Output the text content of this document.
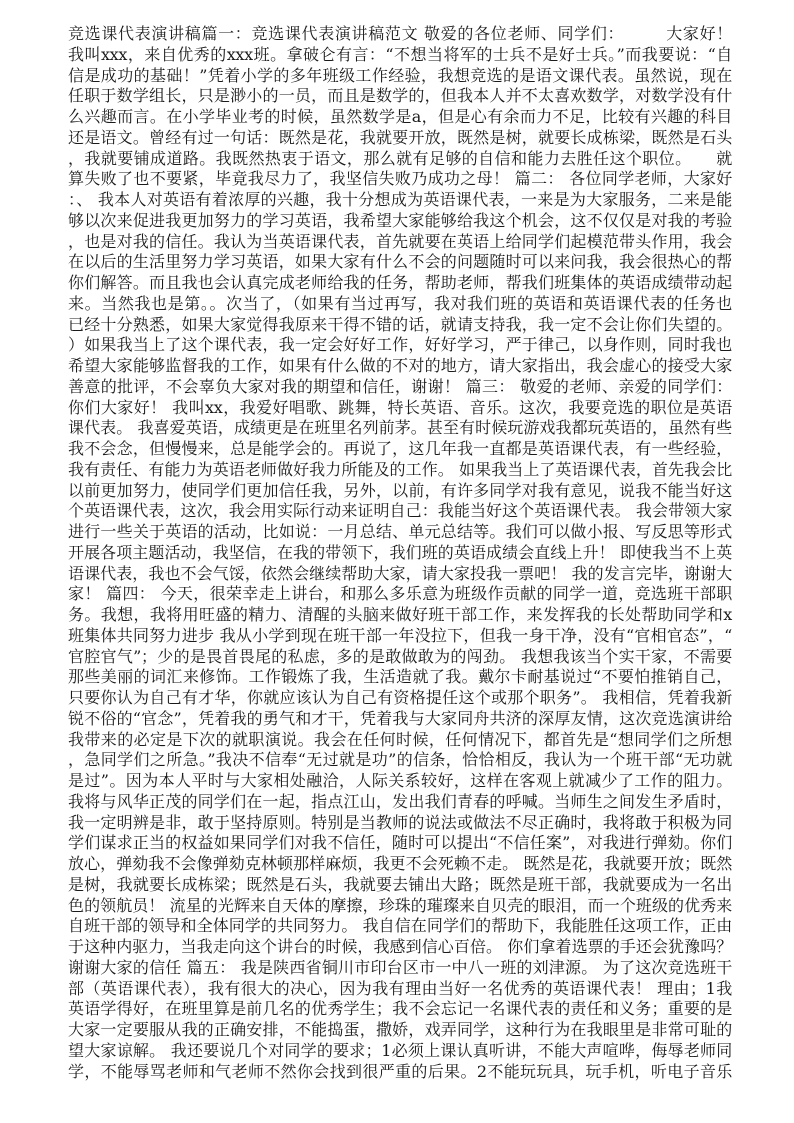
竞选课代表演讲稿篇一：竞选课代表演讲稿范文 敬爱的各位老师、同学们：　　　大家好！
我叫xxx，来自优秀的xxx班。拿破仑有言：“不想当将军的士兵不是好士兵。”而我要说：“自
信是成功的基础！”凭着小学的多年班级工作经验，我想竞选的是语文课代表。虽然说，现在
任职于数学组长，只是渺小的一员，而且是数学的，但我本人并不太喜欢数学，对数学没有什
么兴趣而言。在小学毕业考的时候，虽然数学是a，但是心有余而力不足，比较有兴趣的科目
还是语文。曾经有过一句话：既然是花，我就要开放，既然是树，就要长成栋梁，既然是石头
，我就要铺成道路。我既然热衷于语文，那么就有足够的自信和能力去胜任这个职位。　　就
算失败了也不要紧，毕竟我尽力了，我坚信失败乃成功之母！ 篇二： 各位同学老师，大家好
：、 我本人对英语有着浓厚的兴趣，我十分想成为英语课代表，一来是为大家服务，二来是能
够以次来促进我更加努力的学习英语，我希望大家能够给我这个机会，这不仅仅是对我的考验
，也是对我的信任。我认为当英语课代表，首先就要在英语上给同学们起模范带头作用，我会
在以后的生活里努力学习英语，如果大家有什么不会的问题随时可以来问我，我会很热心的帮
你们解答。而且我也会认真完成老师给我的任务，帮助老师，帮我们班集体的英语成绩带动起
来。当然我也是第。。次当了，（如果有当过再写，我对我们班的英语和英语课代表的任务也
已经十分熟悉，如果大家觉得我原来干得不错的话，就请支持我，我一定不会让你们失望的。
）如果我当上了这个课代表，我一定会好好工作，好好学习，严于律己，以身作则，同时我也
希望大家能够监督我的工作，如果有什么做的不对的地方，请大家指出，我会虚心的接受大家
善意的批评，不会辜负大家对我的期望和信任，谢谢！ 篇三： 敬爱的老师、亲爱的同学们：
你们大家好！ 我叫xx，我爱好唱歌、跳舞，特长英语、音乐。这次，我要竞选的职位是英语
课代表。 我喜爱英语，成绩更是在班里名列前茅。甚至有时候玩游戏我都玩英语的，虽然有些
我不会念，但慢慢来，总是能学会的。再说了，这几年我一直都是英语课代表，有一些经验，
我有责任、有能力为英语老师做好我力所能及的工作。 如果我当上了英语课代表，首先我会比
以前更加努力，使同学们更加信任我，另外，以前，有许多同学对我有意见，说我不能当好这
个英语课代表，这次，我会用实际行动来证明自己：我能当好这个英语课代表。 我会带领大家
进行一些关于英语的活动，比如说：一月总结、单元总结等。我们可以做小报、写反思等形式
开展各项主题活动，我坚信，在我的带领下，我们班的英语成绩会直线上升！ 即使我当不上英
语课代表，我也不会气馁，依然会继续帮助大家，请大家投我一票吧！ 我的发言完毕，谢谢大
家！ 篇四： 今天，很荣幸走上讲台，和那么多乐意为班级作贡献的同学一道，竞选班干部职
务。我想，我将用旺盛的精力、清醒的头脑来做好班干部工作，来发挥我的长处帮助同学和x
班集体共同努力进步 我从小学到现在班干部一年没拉下，但我一身干净，没有“官相官态”，“
官腔官气”；少的是畏首畏尾的私虑，多的是敢做敢为的闯劲。 我想我该当个实干家，不需要
那些美丽的词汇来修饰。工作锻炼了我，生活造就了我。戴尔卡耐基说过“不要怕推销自己，
只要你认为自己有才华，你就应该认为自己有资格提任这个或那个职务”。 我相信，凭着我新
锐不俗的“官念”，凭着我的勇气和才干，凭着我与大家同舟共济的深厚友情，这次竞选演讲给
我带来的必定是下次的就职演说。我会在任何时候，任何情况下，都首先是“想同学们之所想
，急同学们之所急。”我决不信奉“无过就是功”的信条，恰恰相反，我认为一个班干部“无功就
是过”。因为本人平时与大家相处融洽，人际关系较好，这样在客观上就减少了工作的阻力。
我将与风华正茂的同学们在一起，指点江山，发出我们青春的呼喊。当师生之间发生矛盾时，
我一定明辨是非，敢于坚持原则。特别是当教师的说法或做法不尽正确时，我将敢于积极为同
学们谋求正当的权益如果同学们对我不信任，随时可以提出“不信任案”，对我进行弹劾。你们
放心，弹劾我不会像弹劾克林顿那样麻烦，我更不会死赖不走。 既然是花，我就要开放；既然
是树，我就要长成栋梁；既然是石头，我就要去铺出大路；既然是班干部，我就要成为一名出
色的领航员！ 流星的光辉来自天体的摩擦，珍珠的璀璨来自贝壳的眼泪，而一个班级的优秀来
自班干部的领导和全体同学的共同努力。 我自信在同学们的帮助下，我能胜任这项工作，正由
于这种内驱力，当我走向这个讲台的时候，我感到信心百倍。 你们拿着选票的手还会犹豫吗？
谢谢大家的信任 篇五： 我是陕西省铜川市印台区市一中八一班的刘津源。 为了这次竞选班干
部（英语课代表），我有很大的决心，因为我有理由当好一名优秀的英语课代表！ 理由；1我
英语学得好，在班里算是前几名的优秀学生；我不会忘记一名课代表的责任和义务；重要的是
大家一定要服从我的正确安排，不能捣蛋，撒娇，戏弄同学，这种行为在我眼里是非常可耻的
望大家谅解。 我还要说几个对同学的要求；1必须上课认真听讲，不能大声喧哗，侮辱老师同
学，不能辱骂老师和气老师不然你会找到很严重的后果。2不能玩玩具，玩手机，听电子音乐
